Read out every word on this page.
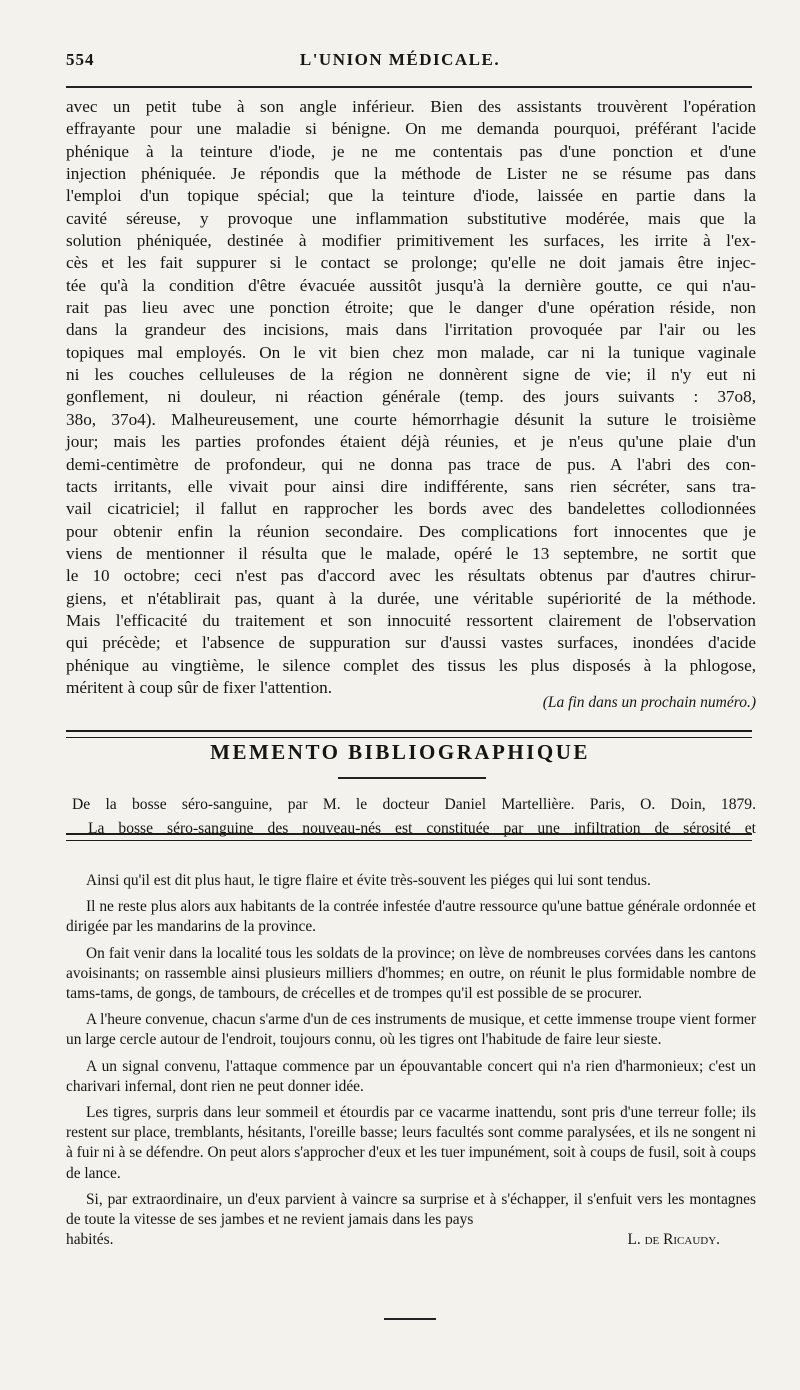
554	L'UNION MÉDICALE.

avec un petit tube à son angle inférieur. Bien des assistants trouvèrent l'opération
effrayante pour une maladie si bénigne. On me demanda pourquoi, préférant l'acide
phénique à la teinture d'iode, je ne me contentais pas d'une ponction et d'une
injection phéniquée. Je répondis que la méthode de Lister ne se résume pas dans
l'emploi d'un topique spécial; que la teinture d'iode, laissée en partie dans la
cavité séreuse, y provoque une inflammation substitutive modérée, mais que la
solution phéniquée, destinée à modifier primitivement les surfaces, les irrite à l'ex-
cès et les fait suppurer si le contact se prolonge; qu'elle ne doit jamais être injec-
tée qu'à la condition d'être évacuée aussitôt jusqu'à la dernière goutte, ce qui n'au-
rait pas lieu avec une ponction étroite; que le danger d'une opération réside, non
dans la grandeur des incisions, mais dans l'irritation provoquée par l'air ou les
topiques mal employés. On le vit bien chez mon malade, car ni la tunique vaginale
ni les couches celluleuses de la région ne donnèrent signe de vie; il n'y eut ni
gonflement, ni douleur, ni réaction générale (temp. des jours suivants : 37o8,
38o, 37o4). Malheureusement, une courte hémorrhagie désunit la suture le troisième
jour; mais les parties profondes étaient déjà réunies, et je n'eus qu'une plaie d'un
demi-centimètre de profondeur, qui ne donna pas trace de pus. A l'abri des con-
tacts irritants, elle vivait pour ainsi dire indifférente, sans rien sécréter, sans tra-
vail cicatriciel; il fallut en rapprocher les bords avec des bandelettes collodionnées
pour obtenir enfin la réunion secondaire. Des complications fort innocentes que je
viens de mentionner il résulta que le malade, opéré le 13 septembre, ne sortit que
le 10 octobre; ceci n'est pas d'accord avec les résultats obtenus par d'autres chirur-
giens, et n'établirait pas, quant à la durée, une véritable supériorité de la méthode.
Mais l'efficacité du traitement et son innocuité ressortent clairement de l'observation
qui précède; et l'absence de suppuration sur d'aussi vastes surfaces, inondées d'acide
phénique au vingtième, le silence complet des tissus les plus disposés à la phlogose,
méritent à coup sûr de fixer l'attention.

(La fin dans un prochain numéro.)
MEMENTO BIBLIOGRAPHIQUE
De la bosse séro-sanguine, par M. le docteur Daniel Martellière. Paris, O. Doin, 1879.
La bosse séro-sanguine des nouveau-nés est constituée par une infiltration de sérosité et

Ainsi qu'il est dit plus haut, le tigre flaire et évite très-souvent les piéges qui lui sont tendus.

Il ne reste plus alors aux habitants de la contrée infestée d'autre ressource qu'une battue générale ordonnée et dirigée par les mandarins de la province.

On fait venir dans la localité tous les soldats de la province; on lève de nombreuses corvées dans les cantons avoisinants; on rassemble ainsi plusieurs milliers d'hommes; en outre, on réunit le plus formidable nombre de tams-tams, de gongs, de tambours, de crécelles et de trompes qu'il est possible de se procurer.

A l'heure convenue, chacun s'arme d'un de ces instruments de musique, et cette immense troupe vient former un large cercle autour de l'endroit, toujours connu, où les tigres ont l'habitude de faire leur sieste.

A un signal convenu, l'attaque commence par un épouvantable concert qui n'a rien d'harmonieux; c'est un charivari infernal, dont rien ne peut donner idée.

Les tigres, surpris dans leur sommeil et étourdis par ce vacarme inattendu, sont pris d'une terreur folle; ils restent sur place, tremblants, hésitants, l'oreille basse; leurs facultés sont comme paralysées, et ils ne songent ni à fuir ni à se défendre. On peut alors s'approcher d'eux et les tuer impunément, soit à coups de fusil, soit à coups de lance.

Si, par extraordinaire, un d'eux parvient à vaincre sa surprise et à s'échapper, il s'enfuit vers les montagnes de toute la vitesse de ses jambes et ne revient jamais dans les pays

habités.	L. de Ricaudy.
